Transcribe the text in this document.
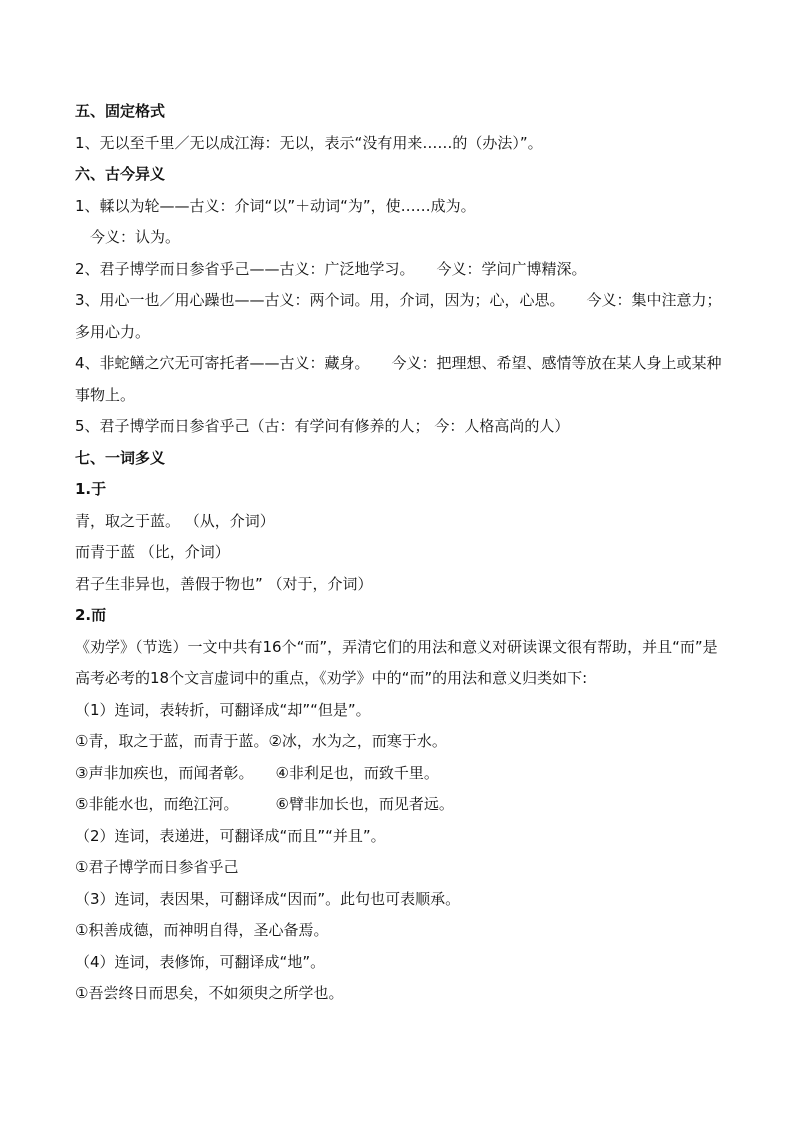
五、固定格式
1、无以至千里／无以成江海：无以，表示“没有用来……的（办法）”。
六、古今异义
1、輮以为轮——古义：介词“以”＋动词“为”，使……成为。
今义：认为。
2、君子博学而日参省乎己——古义：广泛地学习。 今义：学问广博精深。
3、用心一也／用心躁也——古义：两个词。用，介词，因为；心，心思。 今义：集中注意力；多用心力。
4、非蛇鳝之穴无可寄托者——古义：藏身。 今义：把理想、希望、感情等放在某人身上或某种事物上。
5、君子博学而日参省乎己（古：有学问有修养的人； 今：人格高尚的人）
七、一词多义
1.于
青，取之于蓝。 （从，介词）
而青于蓝 （比，介词）
君子生非异也，善假于物也” （对于，介词）
2.而
《劝学》（节选）一文中共有16个“而”，弄清它们的用法和意义对研读课文很有帮助，并且“而”是高考必考的18个文言虚词中的重点，《劝学》中的“而”的用法和意义归类如下:
（1）连词，表转折，可翻译成“却”“但是”。
①青，取之于蓝，而青于蓝。②冰，水为之，而寒于水。
③声非加疾也，而闻者彰。 ④非利足也，而致千里。
⑤非能水也，而绝江河。 ⑥臂非加长也，而见者远。
（2）连词，表递进，可翻译成“而且”“并且”。
①君子博学而日参省乎己
（3）连词，表因果，可翻译成“因而”。此句也可表顺承。
①积善成德，而神明自得，圣心备焉。
（4）连词，表修饰，可翻译成“地”。
①吾尝终日而思矣，不如须臾之所学也。
